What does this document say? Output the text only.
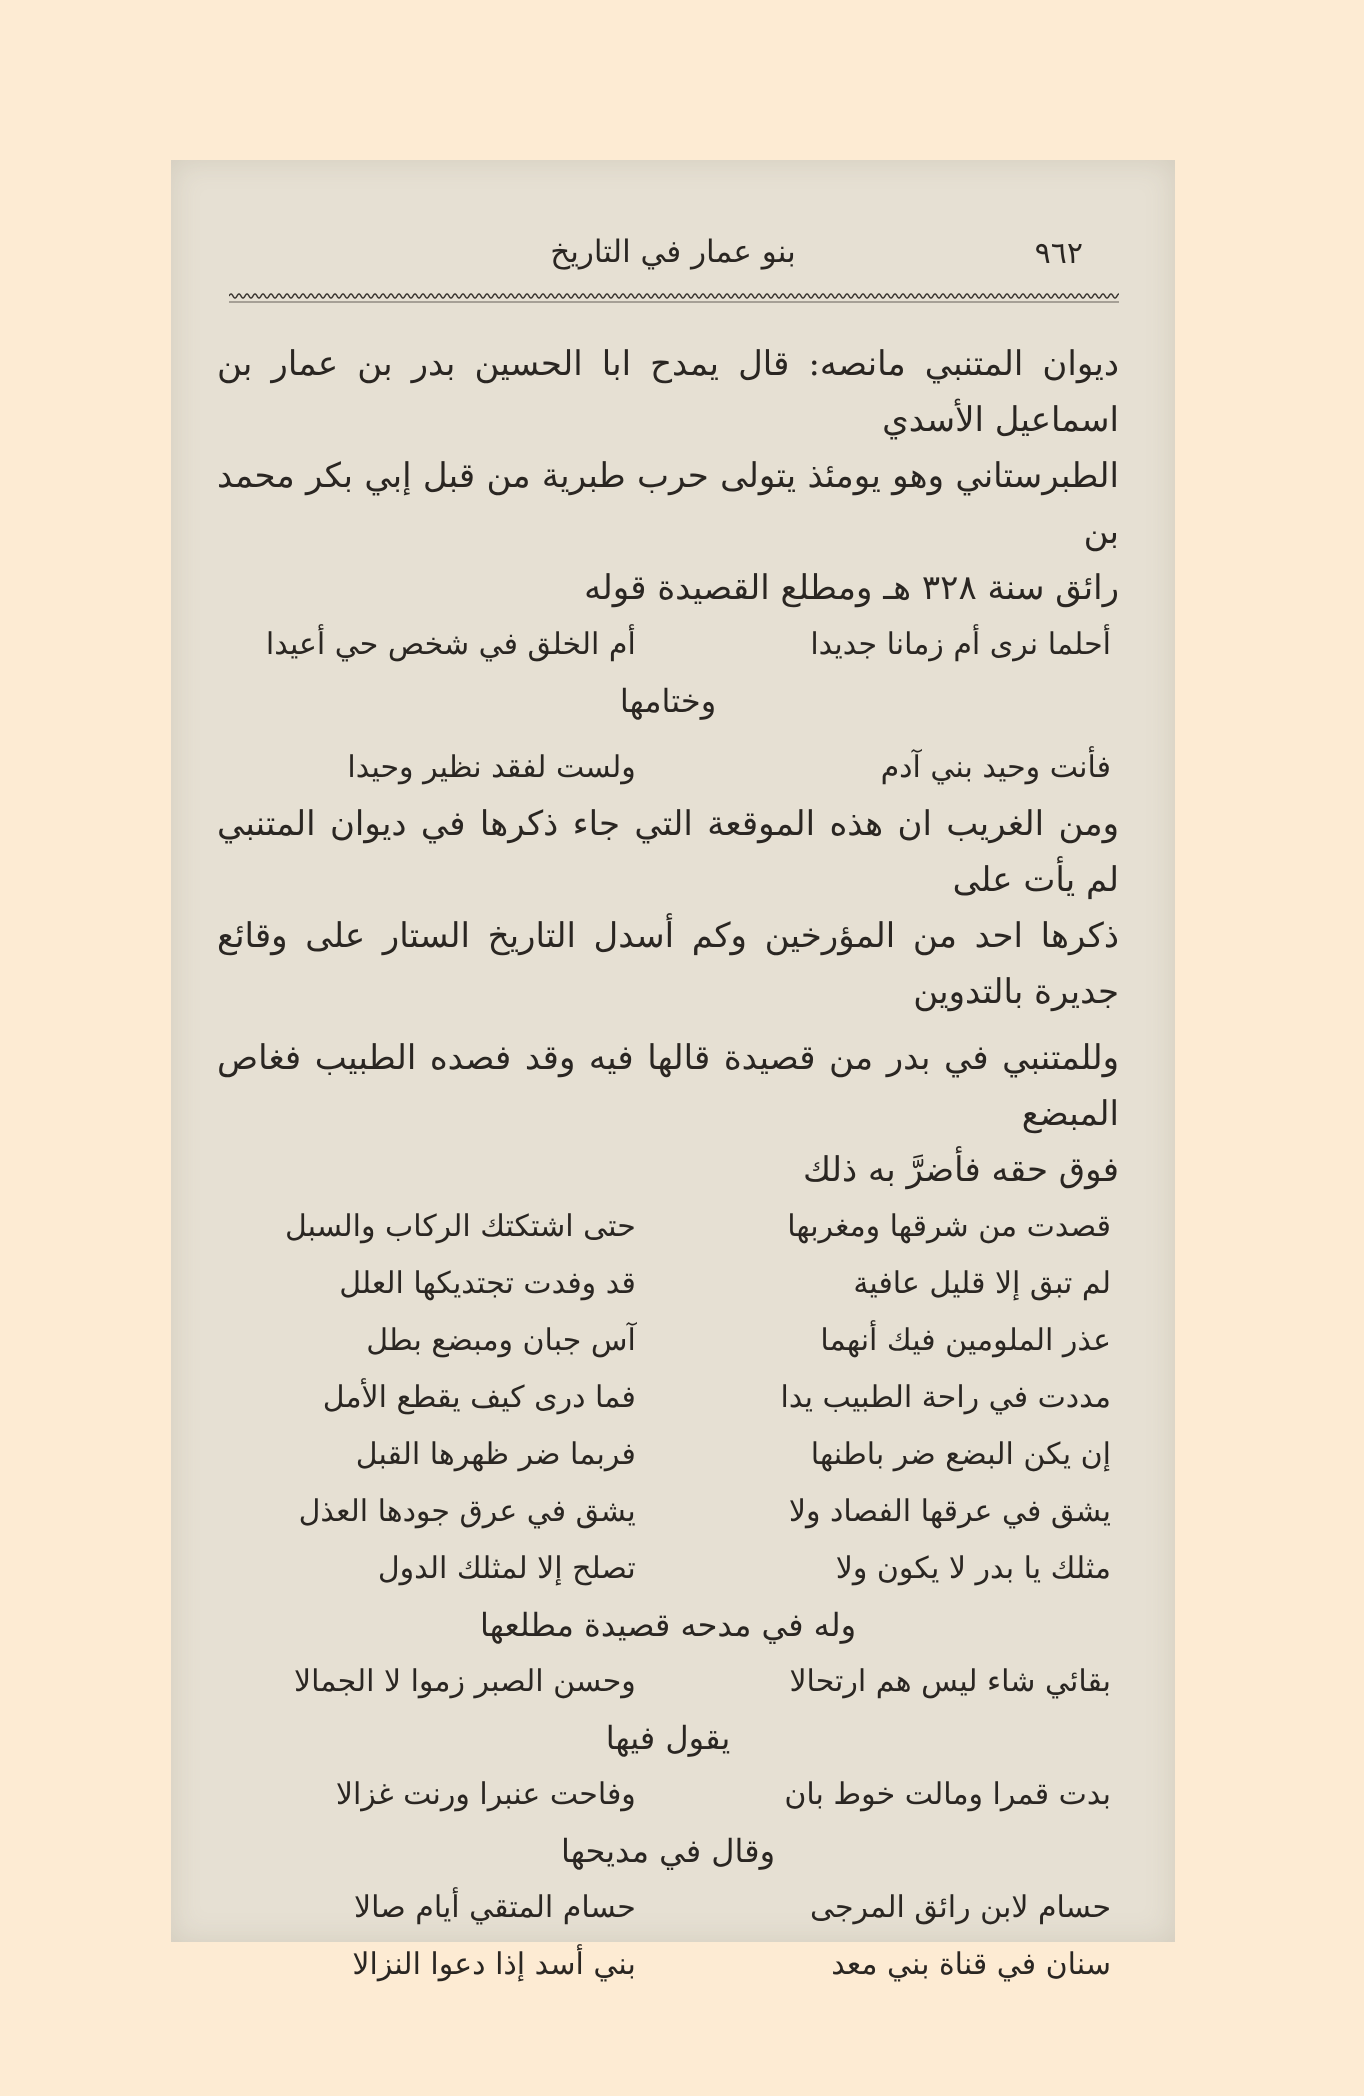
٩٦٢
بنو عمار في التاريخ

ديوان المتنبي مانصه: قال يمدح ابا الحسين بدر بن عمار بن اسماعيل الأسدي

الطبرستاني وهو يومئذ يتولى حرب طبرية من قبل إبي بكر محمد بن

رائق سنة ٣٢٨ هـ ومطلع القصيدة قوله

أحلما نرى أم زمانا جديدا
أم الخلق في شخص حي أعيدا

وختامها

فأنت وحيد بني آدم
ولست لفقد نظير وحيدا

ومن الغريب ان هذه الموقعة التي جاء ذكرها في ديوان المتنبي لم يأت على

ذكرها احد من المؤرخين وكم أسدل التاريخ الستار على وقائع جديرة بالتدوين

وللمتنبي في بدر من قصيدة قالها فيه وقد فصده الطبيب فغاص المبضع

فوق حقه فأضرَّ به ذلك

قصدت من شرقها ومغربها
حتى اشتكتك الركاب والسبل
لم تبق إلا قليل عافية
قد وفدت تجتديكها العلل
عذر الملومين فيك أنهما
آس جبان ومبضع بطل
مددت في راحة الطبيب يدا
فما درى كيف يقطع الأمل
إن يكن البضع ضر باطنها
فربما ضر ظهرها القبل
يشق في عرقها الفصاد ولا
يشق في عرق جودها العذل
مثلك يا بدر لا يكون ولا
تصلح إلا لمثلك الدول

وله في مدحه قصيدة مطلعها

بقائي شاء ليس هم ارتحالا
وحسن الصبر زموا لا الجمالا

يقول فيها

بدت قمرا ومالت خوط بان
وفاحت عنبرا ورنت غزالا

وقال في مديحها

حسام لابن رائق المرجى
حسام المتقي أيام صالا
سنان في قناة بني معد
بني أسد إذا دعوا النزالا
